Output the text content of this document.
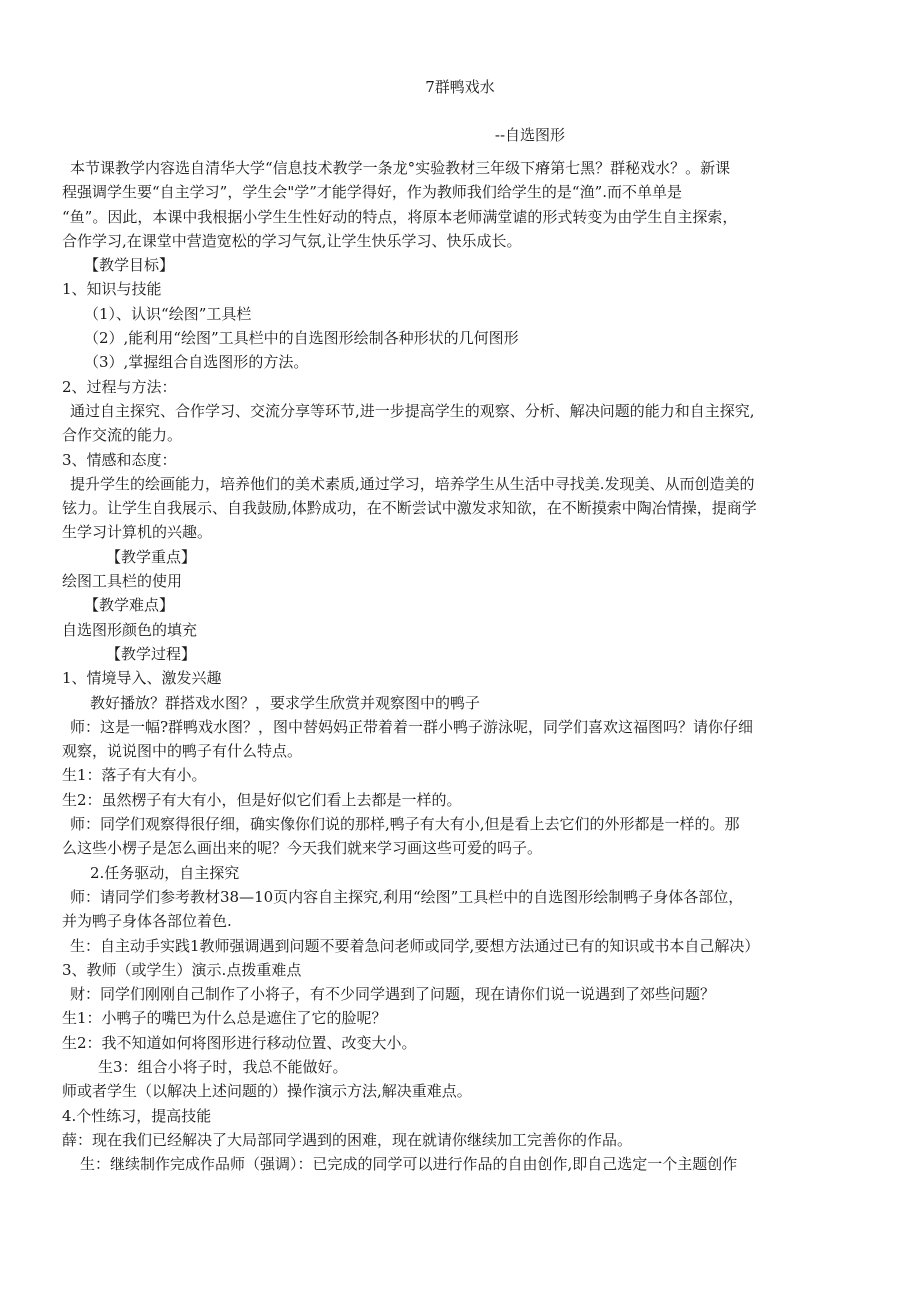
7群鸭戏水
--自选图形

本节课教学内容选自清华大学“信息技术教学一条龙°实验教材三年级下瘠第七黑？群秘戏水？。新课

程强调学生要“自主学习”，学生会"学”才能学得好，作为教师我们给学生的是“渔”.而不单单是

“鱼”。因此，本课中我根据小学生生性好动的特点，将原本老师满堂谑的形式转变为由学生自主探索，

合作学习,在课堂中营造宽松的学习气氛,让学生快乐学习、快乐成长。

【教学目标】

1、知识与技能

（1）、认识“绘图”工具栏

（2）,能利用“绘图”工具栏中的自选图形绘制各种形状的几何图形

（3）,掌握组合自选图形的方法。

2、过程与方法：

通过自主探究、合作学习、交流分享等环节,进一步提高学生的观察、分析、解决问题的能力和自主探究,

合作交流的能力。

3、情感和态度：

提升学生的绘画能力，培养他们的美术素质,通过学习，培养学生从生活中寻找美.发现美、从而创造美的

铉力。让学生自我展示、自我鼓励,体黔成功，在不断尝试中激发求知欲，在不断摸索中陶冶情操，提商学

生学习计算机的兴趣。

【教学重点】

绘图工具栏的使用

【教学难点】

自选图形颜色的填充

【教学过程】

1、情境导入、激发兴趣

教好播放？群搭戏水图？，要求学生欣赏并观察图中的鸭子

师：这是一幅?群鸭戏水图？，图中替妈妈正带着着一群小鸭子游泳呢，同学们喜欢这福图吗？请你仔细

观察，说说图中的鸭子有什么特点。

生1：落子有大有小。

生2：虽然楞子有大有小，但是好似它们看上去都是一样的。

师：同学们观察得很仔细，确实像你们说的那样,鸭子有大有小,但是看上去它们的外形都是一样的。那

么这些小楞子是怎么画出来的呢？今天我们就来学习画这些可爱的吗子。

2.任务驱动，自主探究

师：请同学们参考教材38—10页内容自主探究,利用“绘图”工具栏中的自选图形绘制鸭子身体各部位，

并为鸭子身体各部位着色.

生：自主动手实践1教师强调遇到问题不要着急问老师或同学,要想方法通过已有的知识或书本自己解决）

3、教师（或学生）演示.点拨重难点

财：同学们刚刚自己制作了小将子，有不少同学遇到了问题，现在请你们说一说遇到了郊些问题？

生1：小鸭子的嘴巴为什么总是遮住了它的脸呢？

生2：我不知道如何将图形进行移动位置、改变大小。

生3：组合小将子时，我总不能做好。

师或者学生（以解决上述问题的）操作演示方法,解决重难点。

4.个性练习，提高技能

薛：现在我们已经解决了大局部同学遇到的困难，现在就请你继续加工完善你的作品。

生：继续制作完成作品师（强调）：已完成的同学可以进行作品的自由创作,即自己选定一个主题创作
